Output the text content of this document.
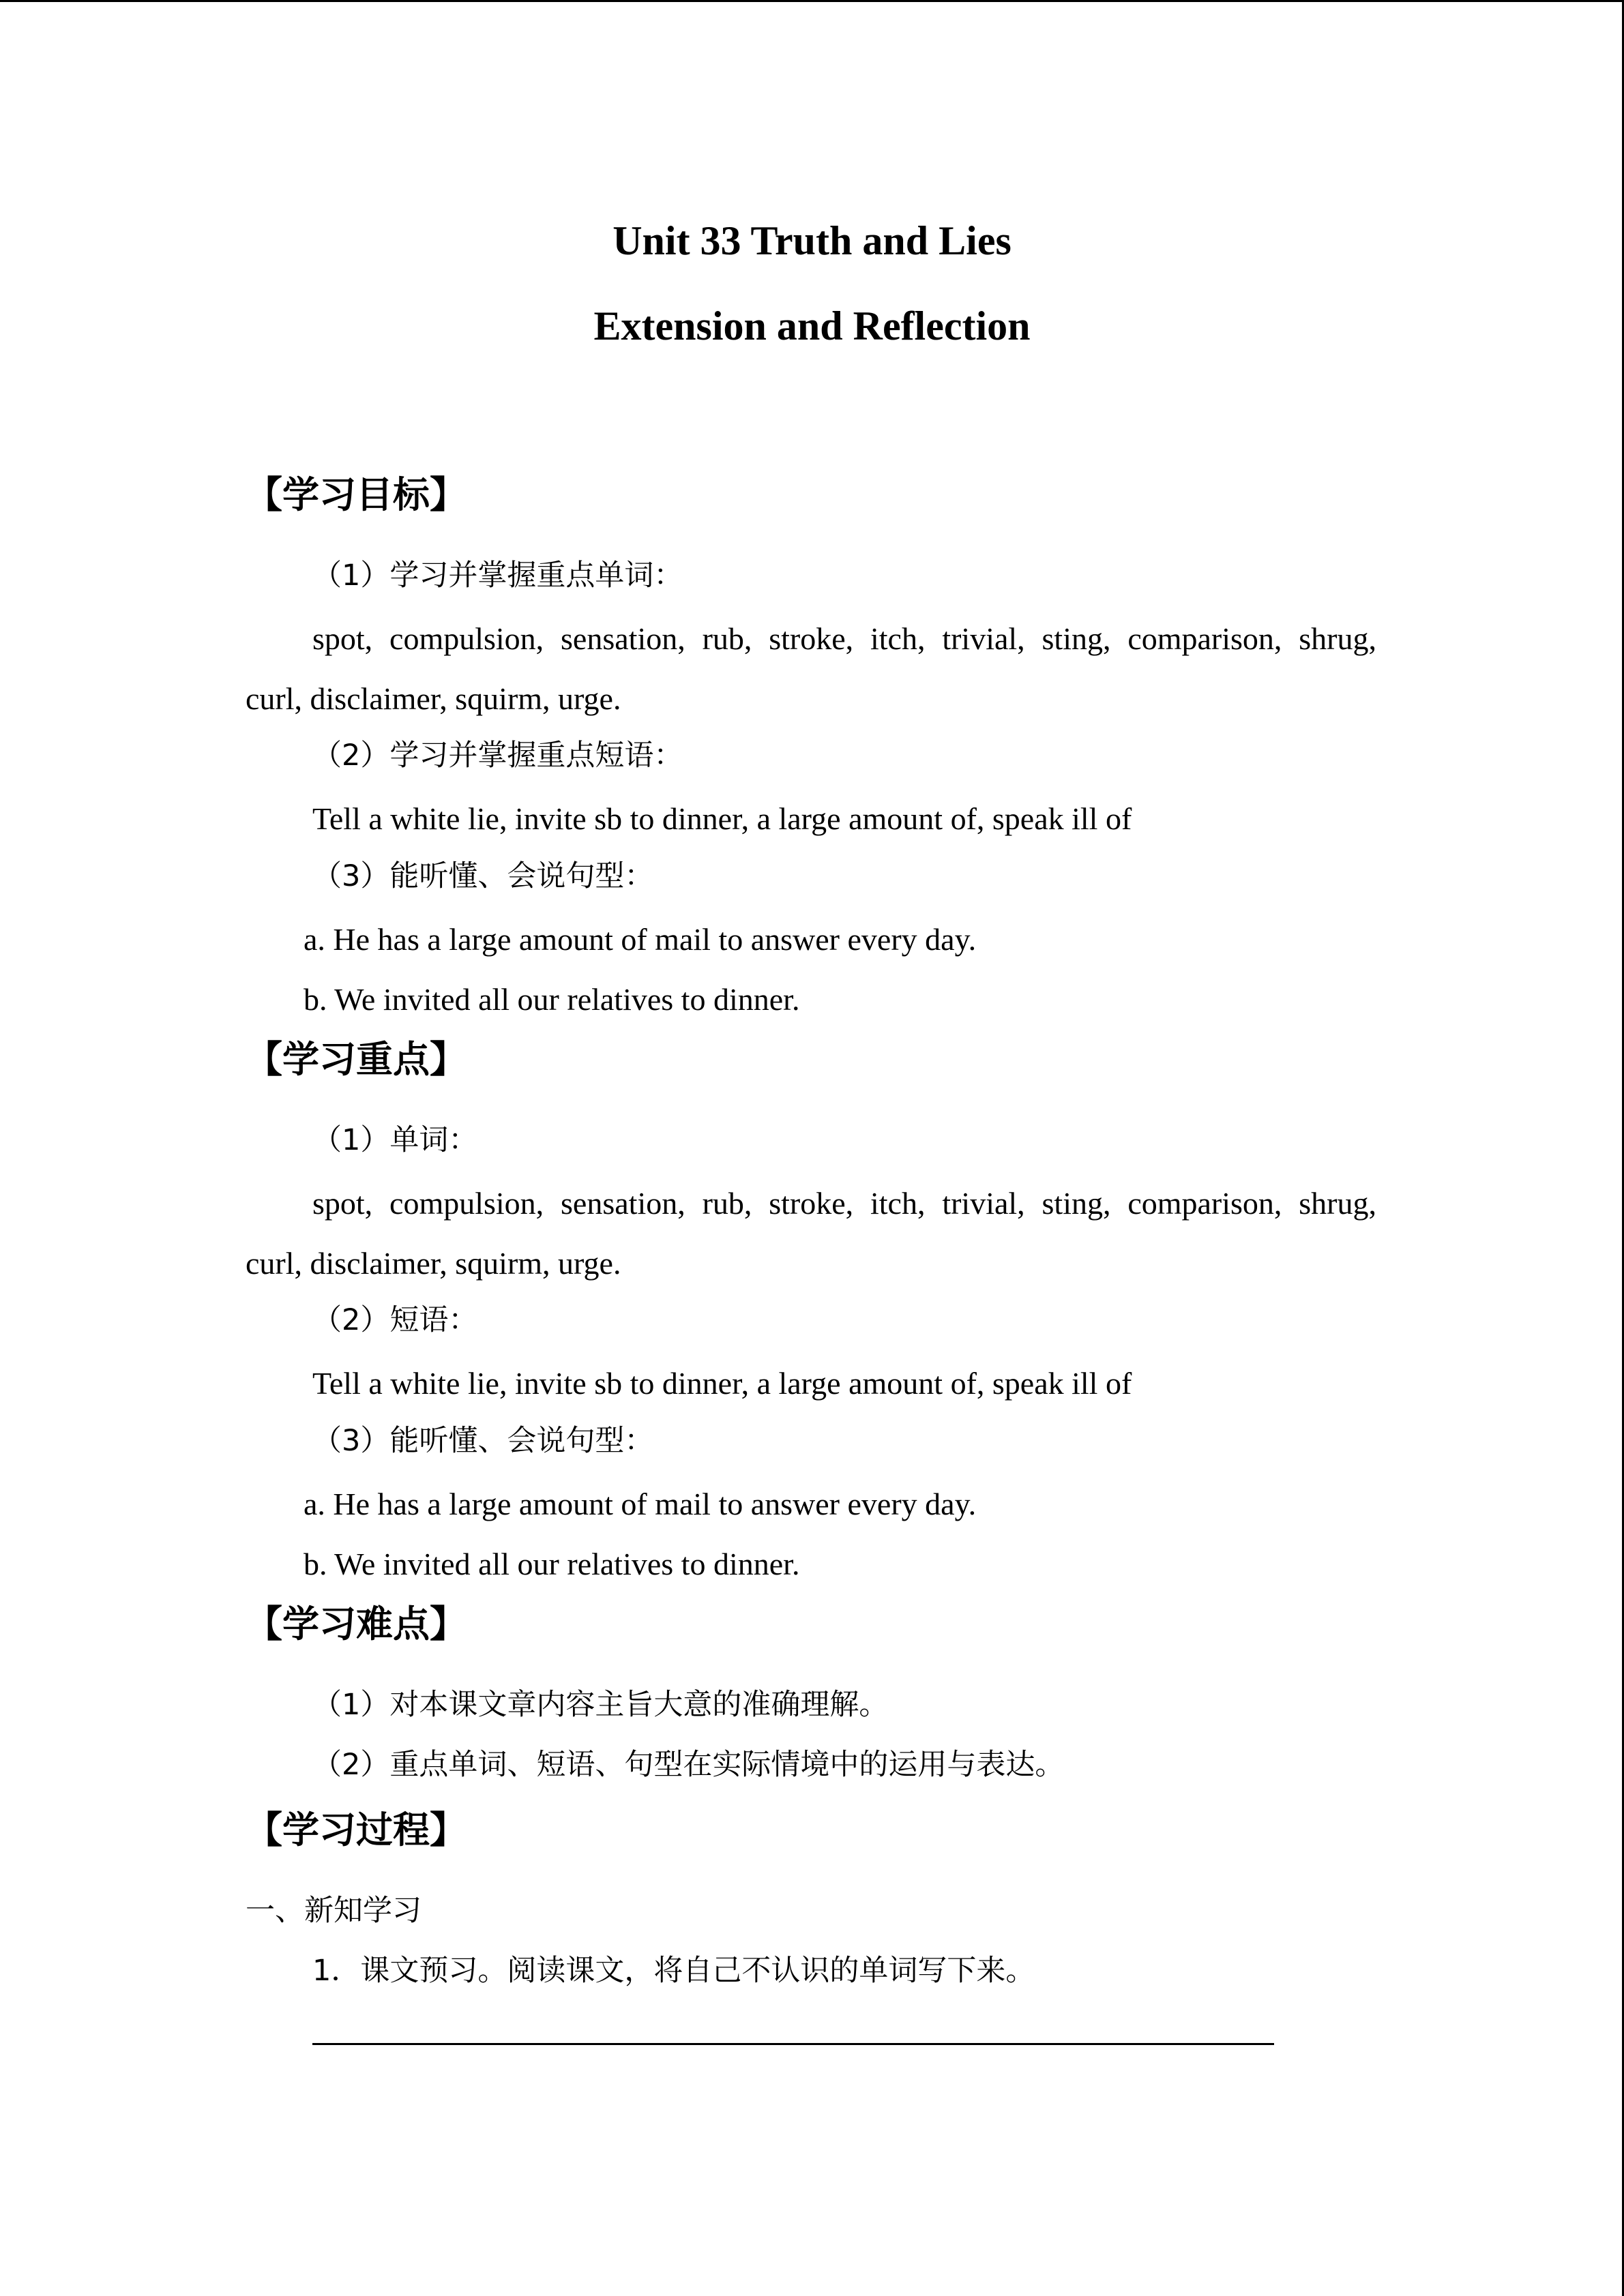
Unit 33 Truth and Lies
Extension and Reflection
【学习目标】
（1）学习并掌握重点单词：
spot, compulsion, sensation, rub, stroke, itch, trivial, sting, comparison, shrug,
curl, disclaimer, squirm, urge.
（2）学习并掌握重点短语：
Tell a white lie, invite sb to dinner, a large amount of, speak ill of
（3）能听懂、会说句型：
a. He has a large amount of mail to answer every day.
b. We invited all our relatives to dinner.
【学习重点】
（1）单词：
spot, compulsion, sensation, rub, stroke, itch, trivial, sting, comparison, shrug,
curl, disclaimer, squirm, urge.
（2）短语：
Tell a white lie, invite sb to dinner, a large amount of, speak ill of
（3）能听懂、会说句型：
a. He has a large amount of mail to answer every day.
b. We invited all our relatives to dinner.
【学习难点】
（1）对本课文章内容主旨大意的准确理解。
（2）重点单词、短语、句型在实际情境中的运用与表达。
【学习过程】
一、新知学习
1．课文预习。阅读课文，将自己不认识的单词写下来。
